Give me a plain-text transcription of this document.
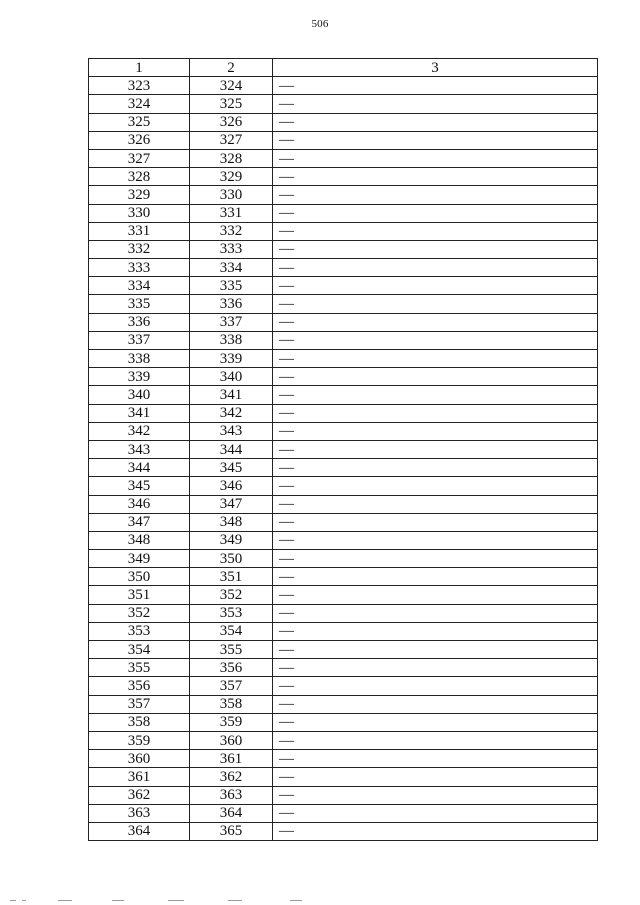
506
1	2	3
323	324	—
324	325	—
325	326	—
326	327	—
327	328	—
328	329	—
329	330	—
330	331	—
331	332	—
332	333	—
333	334	—
334	335	—
335	336	—
336	337	—
337	338	—
338	339	—
339	340	—
340	341	—
341	342	—
342	343	—
343	344	—
344	345	—
345	346	—
346	347	—
347	348	—
348	349	—
349	350	—
350	351	—
351	352	—
352	353	—
353	354	—
354	355	—
355	356	—
356	357	—
357	358	—
358	359	—
359	360	—
360	361	—
361	362	—
362	363	—
363	364	—
364	365	—
